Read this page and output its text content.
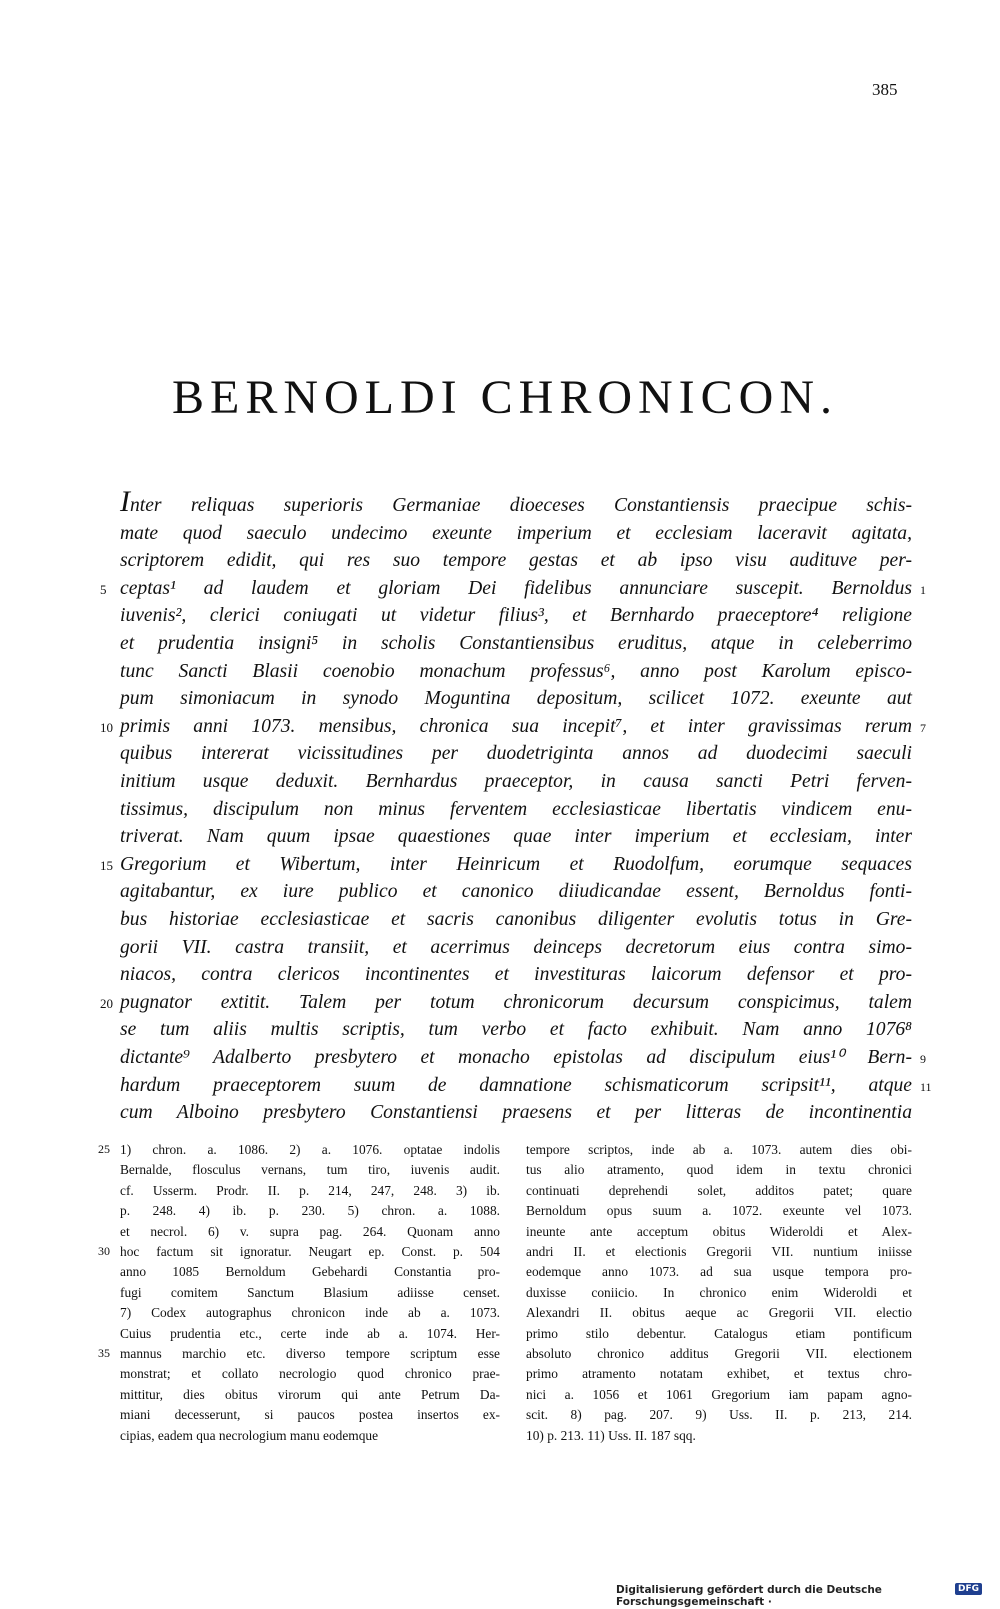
385
BERNOLDI CHRONICON.
Inter reliquas superioris Germaniae dioeceses Constantiensis praecipue schis-
mate quod saeculo undecimo exeunte imperium et ecclesiam laceravit agitata,
scriptorem edidit, qui res suo tempore gestas et ab ipso visu audituve per-
ceptas¹ ad laudem et gloriam Dei fidelibus annunciare suscepit. Bernoldus
iuvenis², clerici coniugati ut videtur filius³, et Bernhardo praeceptore⁴ religione
et prudentia insigni⁵ in scholis Constantiensibus eruditus, atque in celeberrimo
tunc Sancti Blasii coenobio monachum professus⁶, anno post Karolum episco-
pum simoniacum in synodo Moguntina depositum, scilicet 1072. exeunte aut
primis anni 1073. mensibus, chronica sua incepit⁷, et inter gravissimas rerum
quibus intererat vicissitudines per duodetriginta annos ad duodecimi saeculi
initium usque deduxit. Bernhardus praeceptor, in causa sancti Petri ferven-
tissimus, discipulum non minus ferventem ecclesiasticae libertatis vindicem enu-
triverat. Nam quum ipsae quaestiones quae inter imperium et ecclesiam, inter
Gregorium et Wibertum, inter Heinricum et Ruodolfum, eorumque sequaces
agitabantur, ex iure publico et canonico diiudicandae essent, Bernoldus fonti-
bus historiae ecclesiasticae et sacris canonibus diligenter evolutis totus in Gre-
gorii VII. castra transiit, et acerrimus deinceps decretorum eius contra simo-
niacos, contra clericos incontinentes et investituras laicorum defensor et pro-
pugnator extitit. Talem per totum chronicorum decursum conspicimus, talem
se tum aliis multis scriptis, tum verbo et facto exhibuit. Nam anno 1076⁸
dictante⁹ Adalberto presbytero et monacho epistolas ad discipulum eius¹⁰ Bern-
hardum praeceptorem suum de damnatione schismaticorum scripsit¹¹, atque
cum Alboino presbytero Constantiensi praesens et per litteras de incontinentia
5
10
15
20
1
7
9
11
1) chron. a. 1086. 2) a. 1076. optatae indolis
Bernalde, flosculus vernans, tum tiro, iuvenis audit.
cf. Usserm. Prodr. II. p. 214, 247, 248. 3) ib.
p. 248. 4) ib. p. 230. 5) chron. a. 1088.
et necrol. 6) v. supra pag. 264. Quonam anno
hoc factum sit ignoratur. Neugart ep. Const. p. 504
anno 1085 Bernoldum Gebehardi Constantia pro-
fugi comitem Sanctum Blasium adiisse censet.
7) Codex autographus chronicon inde ab a. 1073.
Cuius prudentia etc., certe inde ab a. 1074. Her-
mannus marchio etc. diverso tempore scriptum esse
monstrat; et collato necrologio quod chronico prae-
mittitur, dies obitus virorum qui ante Petrum Da-
miani decesserunt, si paucos postea insertos ex-
cipias, eadem qua necrologium manu eodemque
tempore scriptos, inde ab a. 1073. autem dies obi-
tus alio atramento, quod idem in textu chronici
continuati deprehendi solet, additos patet; quare
Bernoldum opus suum a. 1072. exeunte vel 1073.
ineunte ante acceptum obitus Wideroldi et Alex-
andri II. et electionis Gregorii VII. nuntium iniisse
eodemque anno 1073. ad sua usque tempora pro-
duxisse coniicio. In chronico enim Wideroldi et
Alexandri II. obitus aeque ac Gregorii VII. electio
primo stilo debentur. Catalogus etiam pontificum
absoluto chronico additus Gregorii VII. electionem
primo atramento notatam exhibet, et textus chro-
nici a. 1056 et 1061 Gregorium iam papam agno-
scit. 8) pag. 207. 9) Uss. II. p. 213, 214.
10) p. 213. 11) Uss. II. 187 sqq.
25
30
35
Digitalisierung gefördert durch die Deutsche Forschungsgemeinschaft ·
DFG
